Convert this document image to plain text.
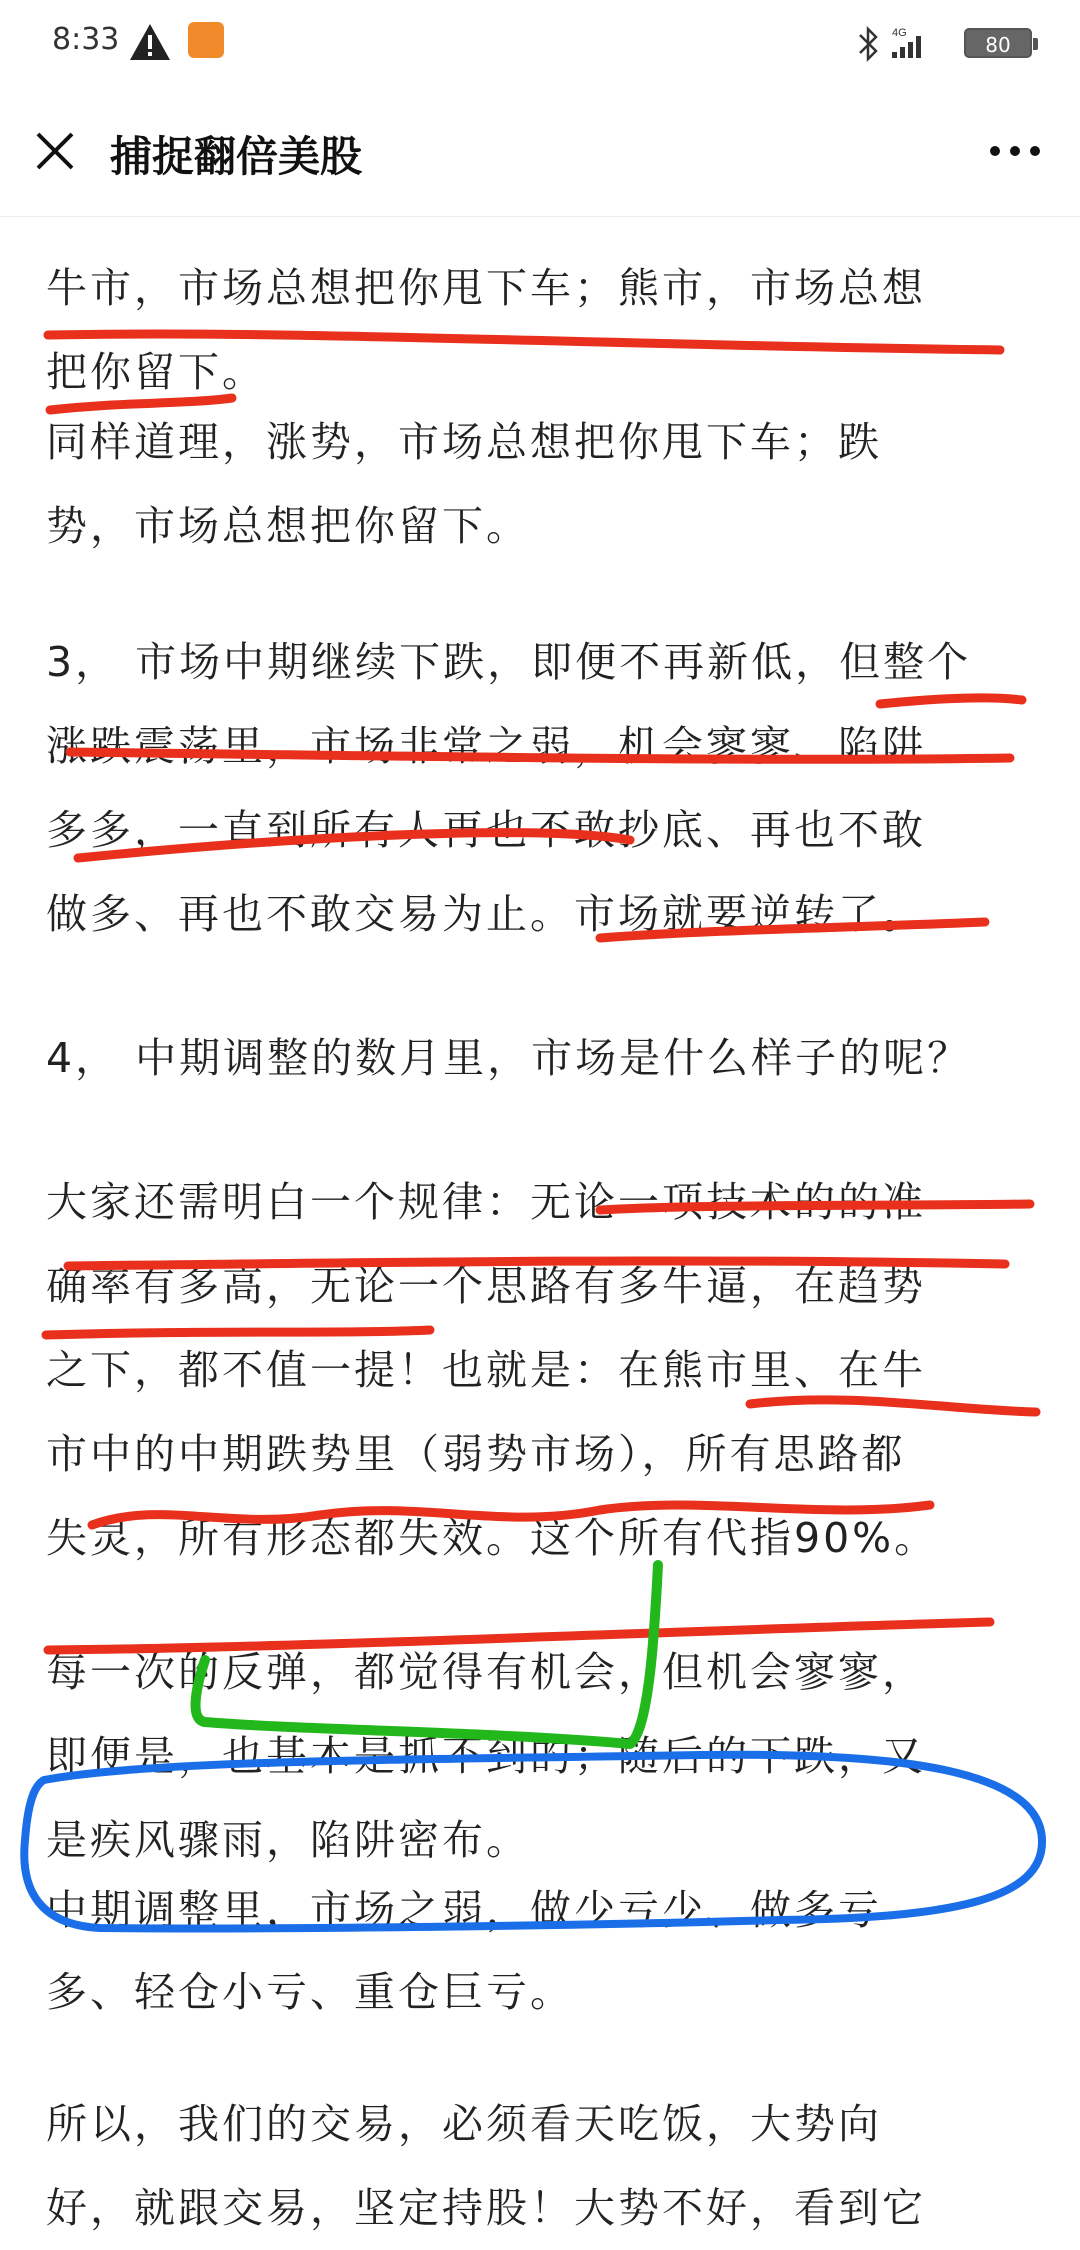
8:33	4G	80
捕捉翻倍美股
牛市，市场总想把你甩下车；熊市，市场总想
把你留下。
同样道理，涨势，市场总想把你甩下车；跌
势，市场总想把你留下。
3， 市场中期继续下跌，即便不再新低，但整个
涨跌震荡里，市场非常之弱，机会寥寥、陷阱
多多，一直到所有人再也不敢抄底、再也不敢
做多、再也不敢交易为止。市场就要逆转了。
4， 中期调整的数月里，市场是什么样子的呢？
大家还需明白一个规律：无论一项技术的的准
确率有多高，无论一个思路有多牛逼，在趋势
之下，都不值一提！也就是：在熊市里、在牛
市中的中期跌势里（弱势市场），所有思路都
失灵，所有形态都失效。这个所有代指90%。
每一次的反弹，都觉得有机会，但机会寥寥，
即便是，也基本是抓不到的；随后的下跌，又
是疾风骤雨，陷阱密布。
中期调整里，市场之弱，做少亏少、做多亏
多、轻仓小亏、重仓巨亏。
所以，我们的交易，必须看天吃饭，大势向
好，就跟交易，坚定持股！大势不好，看到它
